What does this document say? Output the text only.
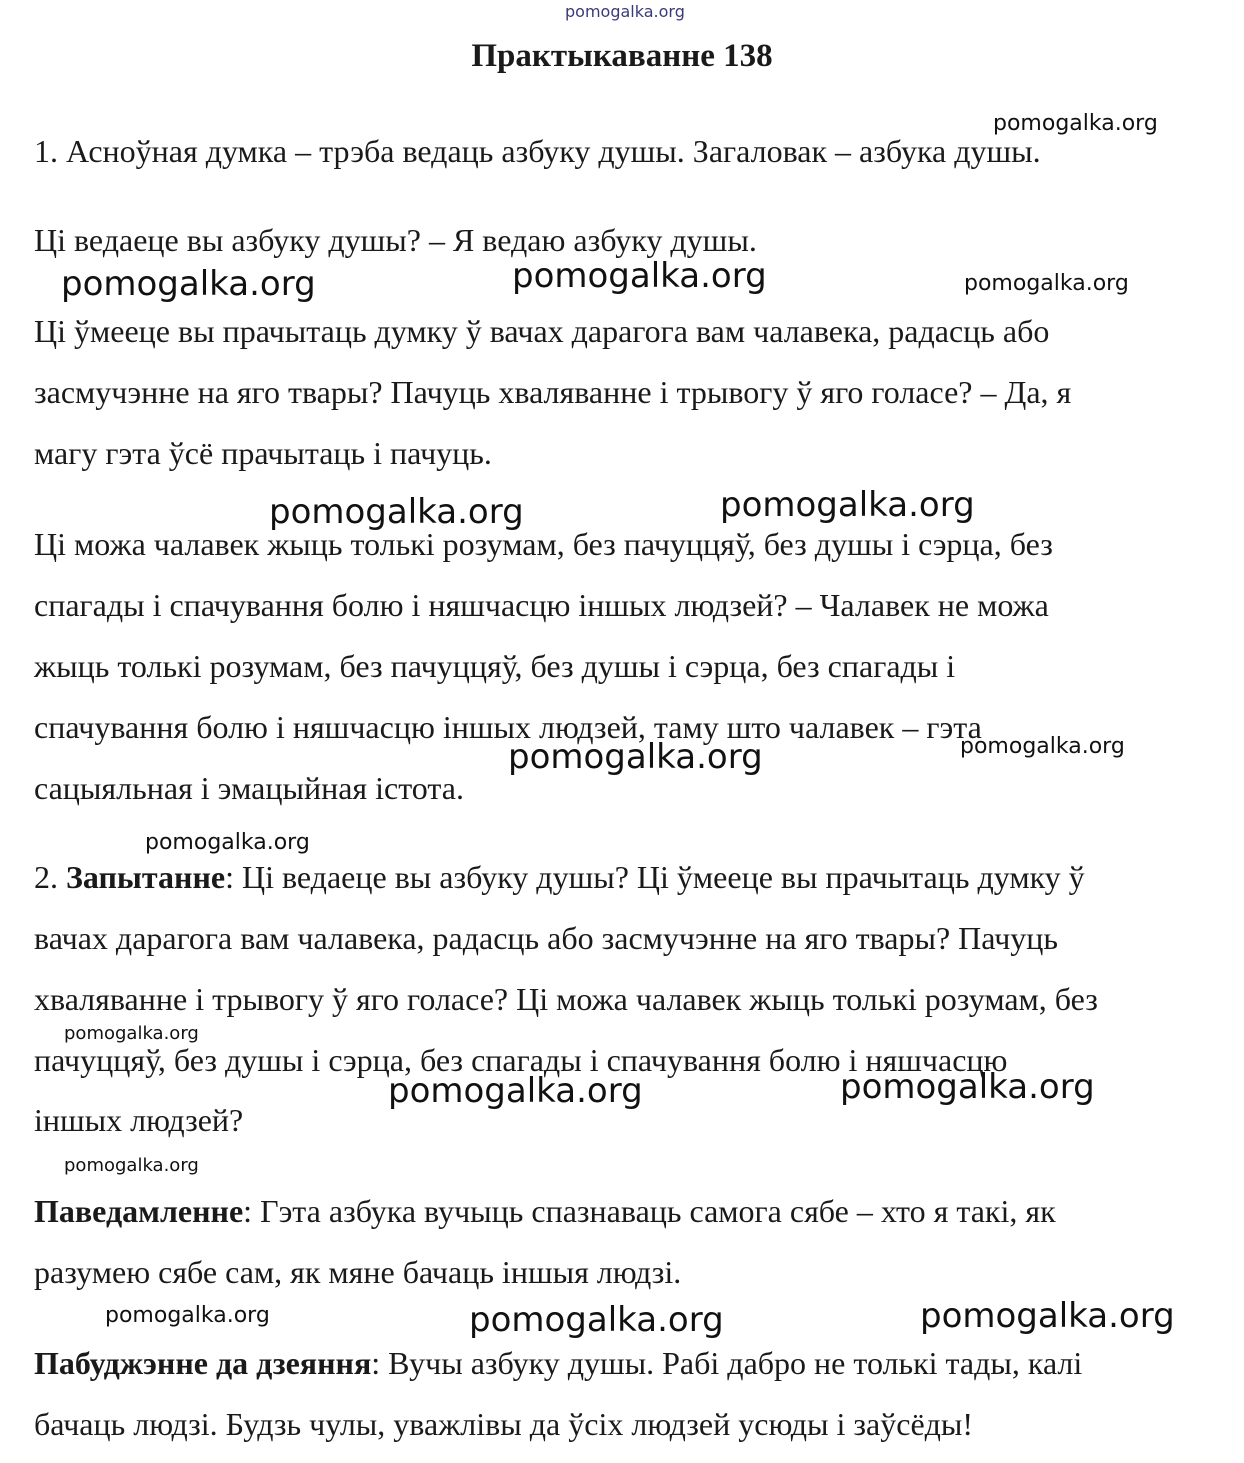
pomogalka.org
Практыкаванне 138
1. Асноўная думка – трэба ведаць азбуку душы. Загаловак – азбука душы.
Ці ведаеце вы азбуку душы? – Я ведаю азбуку душы.
Ці ўмееце вы прачытаць думку ў вачах дарагога вам чалавека, радасць або
засмучэнне на яго твары? Пачуць хваляванне і трывогу ў яго голасе? – Да, я
магу гэта ўсё прачытаць і пачуць.
Ці можа чалавек жыць толькі розумам, без пачуццяў, без душы і сэрца, без
спагады і спачування болю і няшчасцю іншых людзей? – Чалавек не можа
жыць толькі розумам, без пачуццяў, без душы і сэрца, без спагады і
спачування болю і няшчасцю іншых людзей, таму што чалавек – гэта
сацыяльная і эмацыйная істота.
2. Запытанне: Ці ведаеце вы азбуку душы? Ці ўмееце вы прачытаць думку ў
вачах дарагога вам чалавека, радасць або засмучэнне на яго твары? Пачуць
хваляванне і трывогу ў яго голасе? Ці можа чалавек жыць толькі розумам, без
пачуццяў, без душы і сэрца, без спагады і спачування болю і няшчасцю
іншых людзей?
Паведамленне: Гэта азбука вучыць спазнаваць самога сябе – хто я такі, як
разумею сябе сам, як мяне бачаць іншыя людзі.
Пабуджэнне да дзеяння: Вучы азбуку душы. Рабі дабро не толькі тады, калі
бачаць людзі. Будзь чулы, уважлівы да ўсіх людзей усюды і заўсёды!
pomogalka.org
pomogalka.org	pomogalka.org	pomogalka.org
pomogalka.org	pomogalka.org
pomogalka.org	pomogalka.org
pomogalka.org
pomogalka.org
pomogalka.org	pomogalka.org
pomogalka.org
pomogalka.org	pomogalka.org	pomogalka.org
